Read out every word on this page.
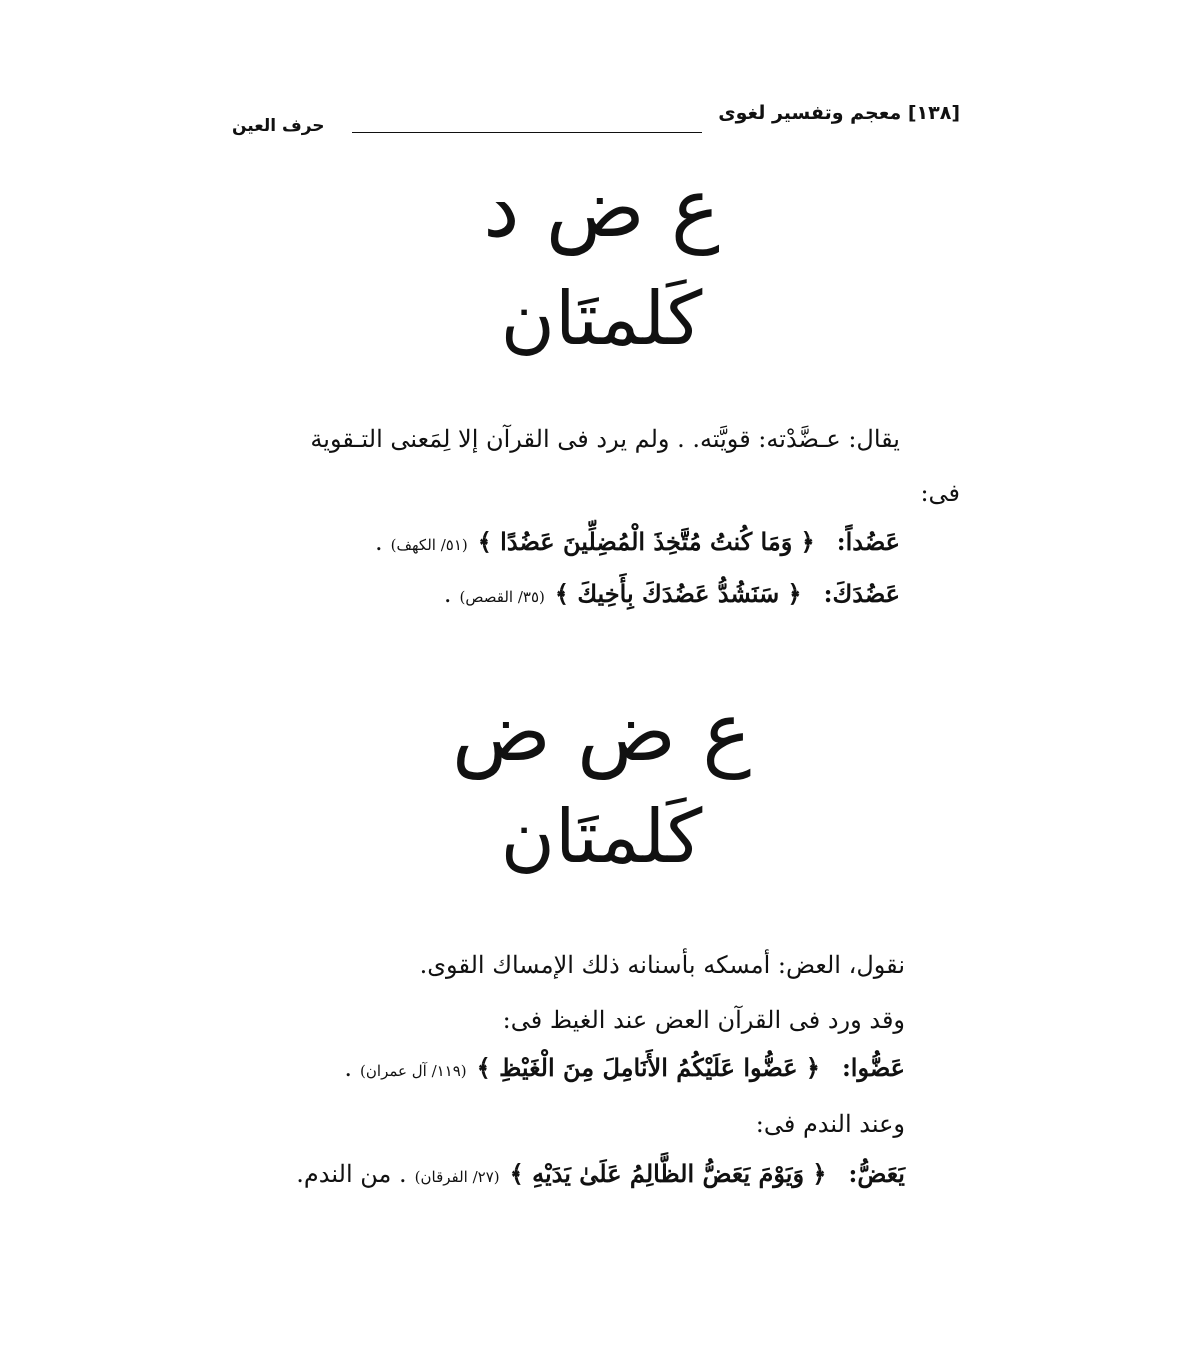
[١٣٨] معجم وتفسير لغوى
حرف العين
ع ض د
كَلمتَان
يقال: عـضَّدْته: قويَّته. . ولم يرد فى القرآن إلا لِمَعنى التـقوية
فى:
عَضُداً:﴿ وَمَا كُنتُ مُتَّخِذَ الْمُضِلِّينَ عَضُدًا ﴾(٥١/ الكهف).
عَضُدَكَ:﴿ سَنَشُدُّ عَضُدَكَ بِأَخِيكَ ﴾(٣٥/ القصص).
ع ض ض
كَلمتَان
نقول، العض: أمسكه بأسنانه ذلك الإمساك القوى.
وقد ورد فى القرآن العض عند الغيظ فى:
عَضُّوا:﴿ عَضُّوا عَلَيْكُمُ الأَنَامِلَ مِنَ الْغَيْظِ ﴾(١١٩/ آل عمران).
وعند الندم فى:
يَعَضُّ:﴿ وَيَوْمَ يَعَضُّ الظَّالِمُ عَلَىٰ يَدَيْهِ ﴾(٢٧/ الفرقان). من الندم.
